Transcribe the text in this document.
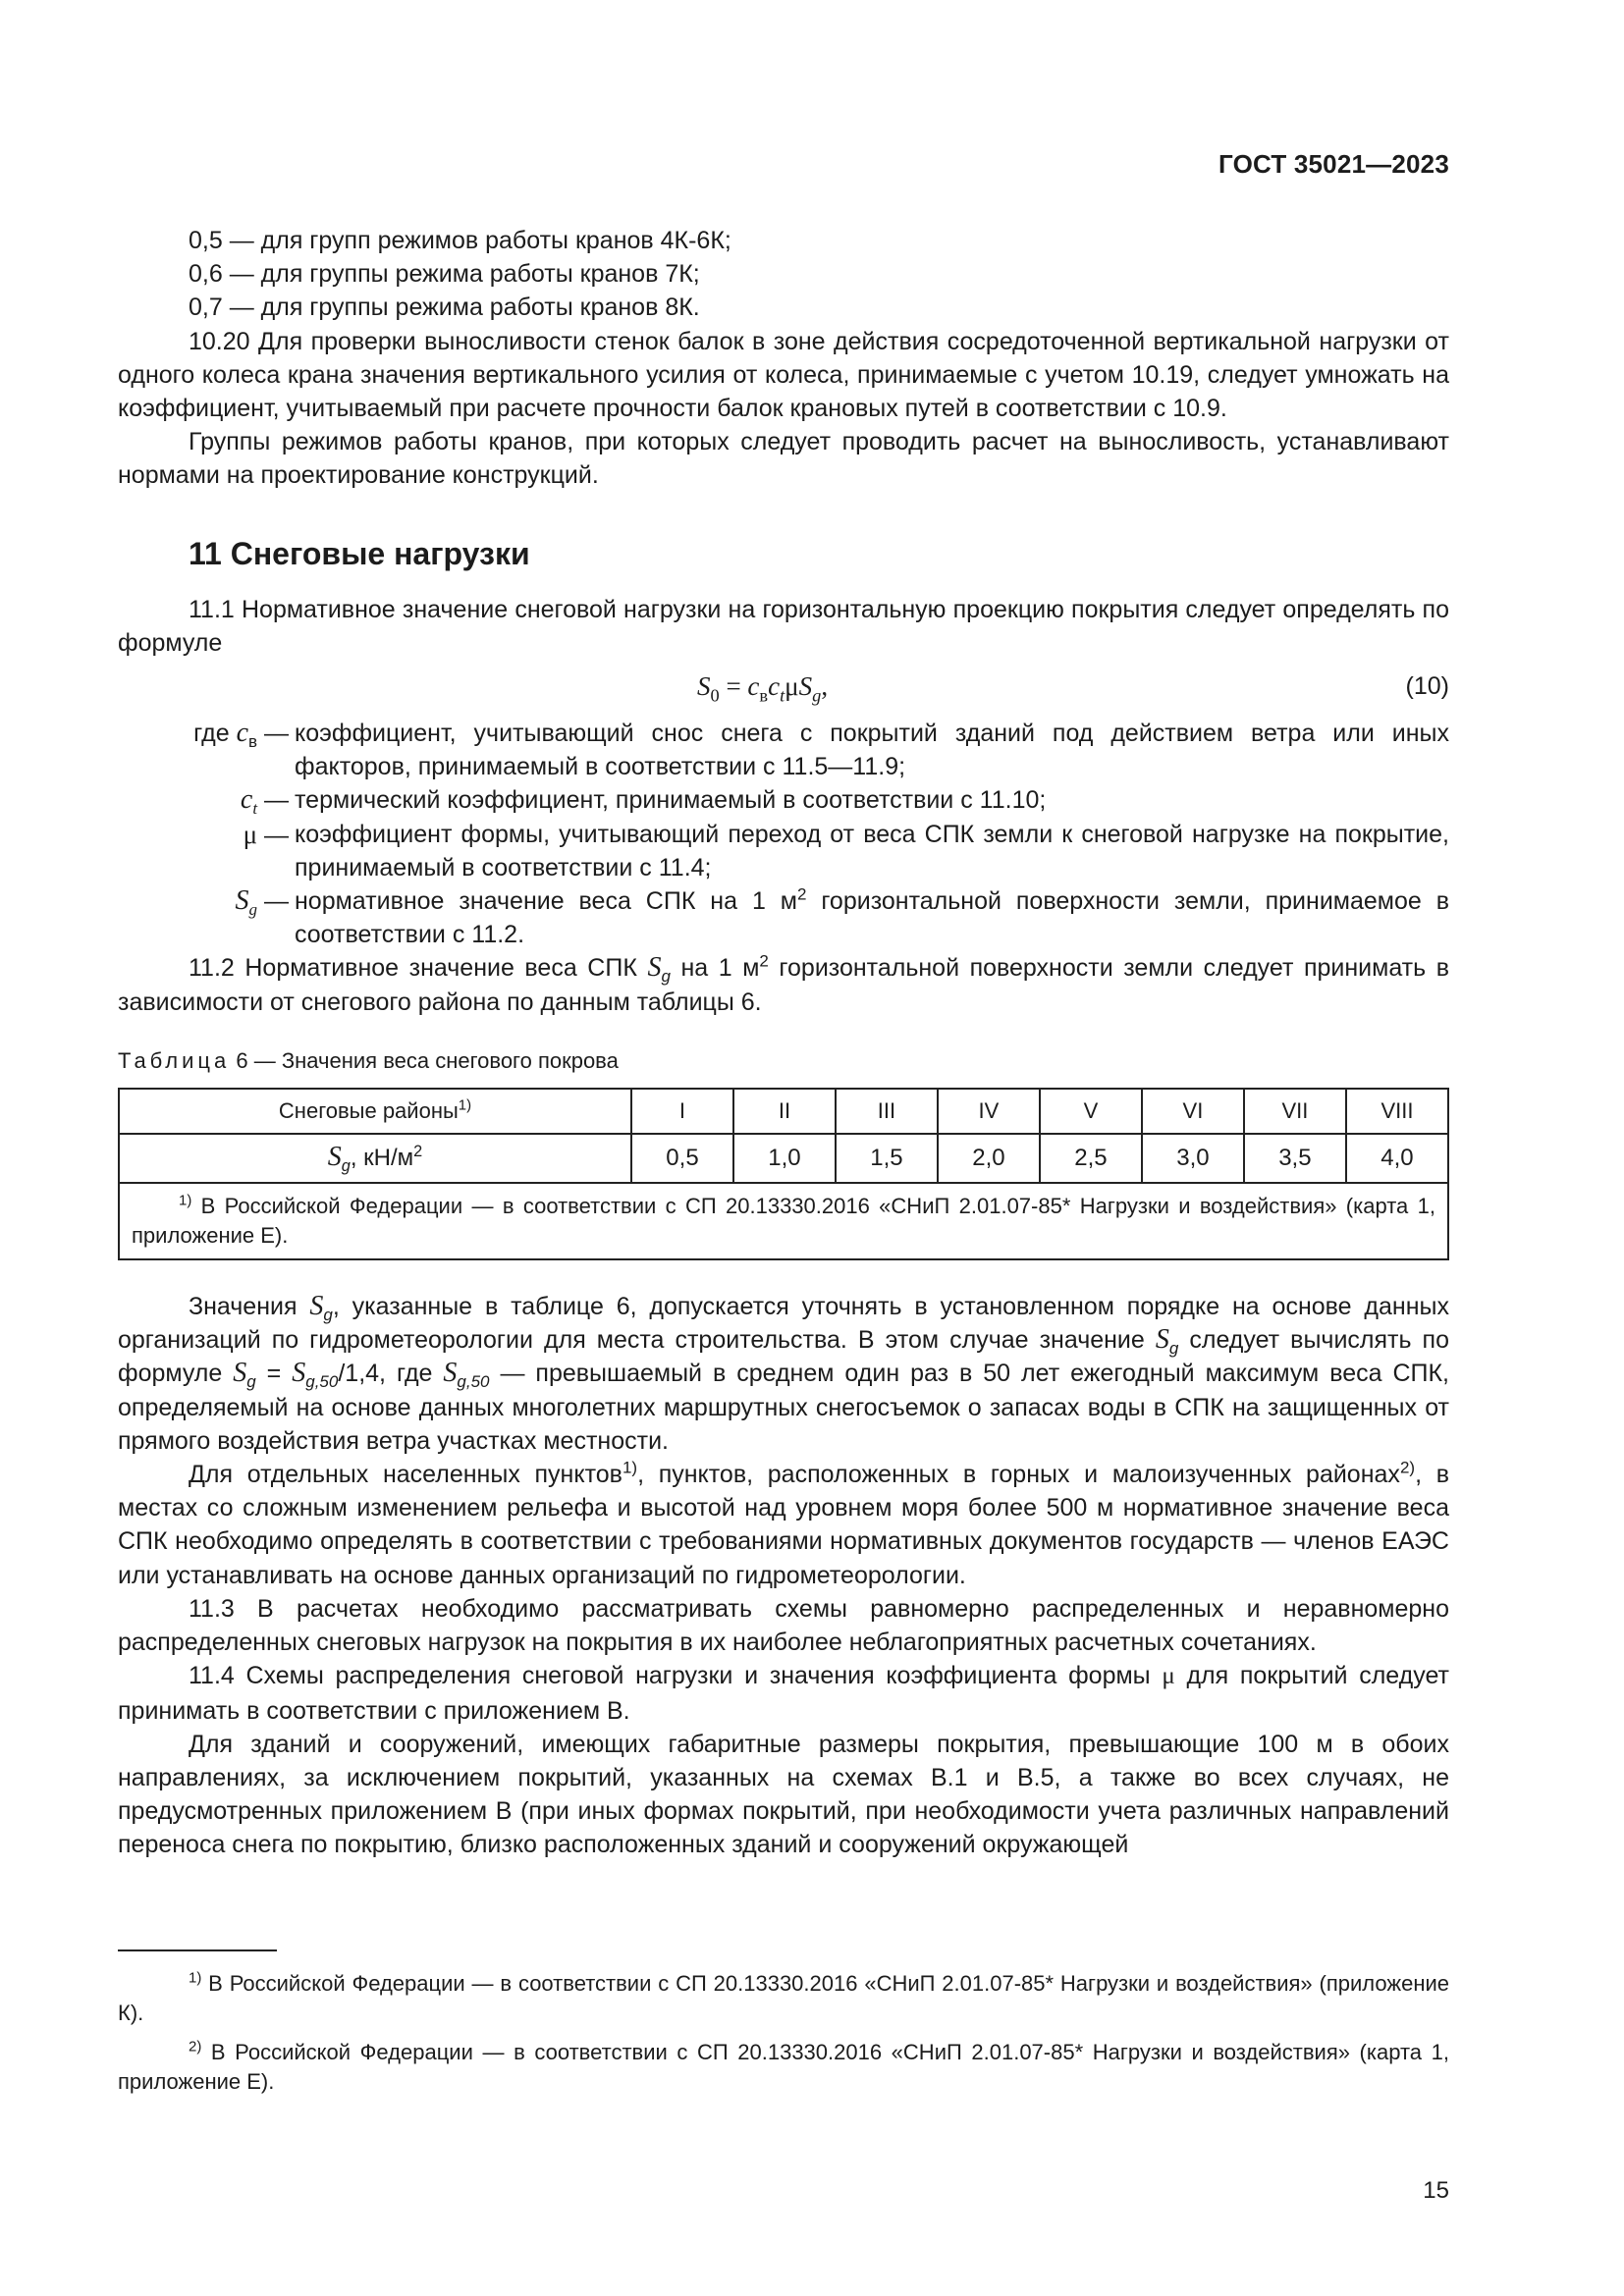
ГОСТ 35021—2023
0,5 — для групп режимов работы кранов 4К-6К;
0,6 — для группы режима работы кранов 7К;
0,7 — для группы режима работы кранов 8К.

10.20 Для проверки выносливости стенок балок в зоне действия сосредоточенной вертикальной нагрузки от одного колеса крана значения вертикального усилия от колеса, принимаемые с учетом 10.19, следует умножать на коэффициент, учитываемый при расчете прочности балок крановых путей в соответствии с 10.9.

Группы режимов работы кранов, при которых следует проводить расчет на выносливость, устанавливают нормами на проектирование конструкций.

11 Снеговые нагрузки

11.1 Нормативное значение снеговой нагрузки на горизонтальную проекцию покрытия следует определять по формуле

$S_0 = c_вc_t\mu S_g$,	(10)
где $c_в$ — коэффициент, учитывающий снос снега с покрытий зданий под действием ветра или иных факторов, принимаемый в соответствии с 11.5—11.9;
$c_t$ — термический коэффициент, принимаемый в соответствии с 11.10;
μ — коэффициент формы, учитывающий переход от веса СПК земли к снеговой нагрузке на покрытие, принимаемый в соответствии с 11.4;
$S_g$ — нормативное значение веса СПК на 1 $м^2$ горизонтальной поверхности земли, принимаемое в соответствии с 11.2.

11.2 Нормативное значение веса СПК $S_g$ на 1 $м^2$ горизонтальной поверхности земли следует принимать в зависимости от снегового района по данным таблицы 6.

Таблица 6 — Значения веса снегового покрова
Снеговые районы$^{1)}$	I	II	III	IV	V	VI	VII	VIII
$S_g$, $кН/м^2$	0,5	1,0	1,5	2,0	2,5	3,0	3,5	4,0

$^{1)}$ В Российской Федерации — в соответствии с СП 20.13330.2016 «СНиП 2.01.07-85* Нагрузки и воздействия» (карта 1, приложение Е).								

Значения $S_g$, указанные в таблице 6, допускается уточнять в установленном порядке на основе данных организаций по гидрометеорологии для места строительства. В этом случае значение $S_g$ следует вычислять по формуле $S_g = S_{g,50}/1,4$, где $S_{g,50}$ — превышаемый в среднем один раз в 50 лет ежегодный максимум веса СПК, определяемый на основе данных многолетних маршрутных снегосъемок о запасах воды в СПК на защищенных от прямого воздействия ветра участках местности.

Для отдельных населенных пунктов$^{1)}$, пунктов, расположенных в горных и малоизученных районах$^{2)}$, в местах со сложным изменением рельефа и высотой над уровнем моря более 500 м нормативное значение веса СПК необходимо определять в соответствии с требованиями нормативных документов государств — членов ЕАЭС или устанавливать на основе данных организаций по гидрометеорологии.

11.3 В расчетах необходимо рассматривать схемы равномерно распределенных и неравномерно распределенных снеговых нагрузок на покрытия в их наиболее неблагоприятных расчетных сочетаниях.

11.4 Схемы распределения снеговой нагрузки и значения коэффициента формы μ для покрытий следует принимать в соответствии с приложением В.

Для зданий и сооружений, имеющих габаритные размеры покрытия, превышающие 100 м в обоих направлениях, за исключением покрытий, указанных на схемах В.1 и В.5, а также во всех случаях, не предусмотренных приложением В (при иных формах покрытий, при необходимости учета различных направлений переноса снега по покрытию, близко расположенных зданий и сооружений окружающей

$^{1)}$ В Российской Федерации — в соответствии с СП 20.13330.2016 «СНиП 2.01.07-85* Нагрузки и воздействия» (приложение К).
$^{2)}$ В Российской Федерации — в соответствии с СП 20.13330.2016 «СНиП 2.01.07-85* Нагрузки и воздействия» (карта 1, приложение Е).
15
